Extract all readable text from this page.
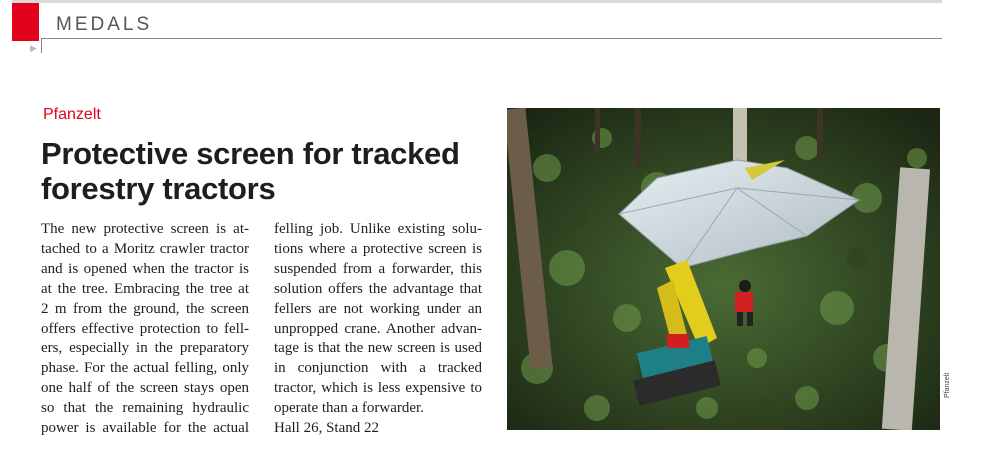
MEDALS
▶
Pfanzelt
Protective screen for tracked
forestry tractors
The new protective screen is at-
tached to a Moritz crawler tractor
and is opened when the tractor is
at the tree. Embracing the tree at
2 m from the ground, the screen
offers effective protection to fell-
ers, especially in the preparatory
phase. For the actual felling, only
one half of the screen stays open
so that the remaining hydraulic
power is available for the actual
felling job. Unlike existing solu-
tions where a protective screen is
suspended from a forwarder, this
solution offers the advantage that
fellers are not working under an
unpropped crane. Another advan-
tage is that the new screen is used
in conjunction with a tracked
tractor, which is less expensive to
operate than a forwarder.
Hall 26, Stand 22
Pfanzelt
